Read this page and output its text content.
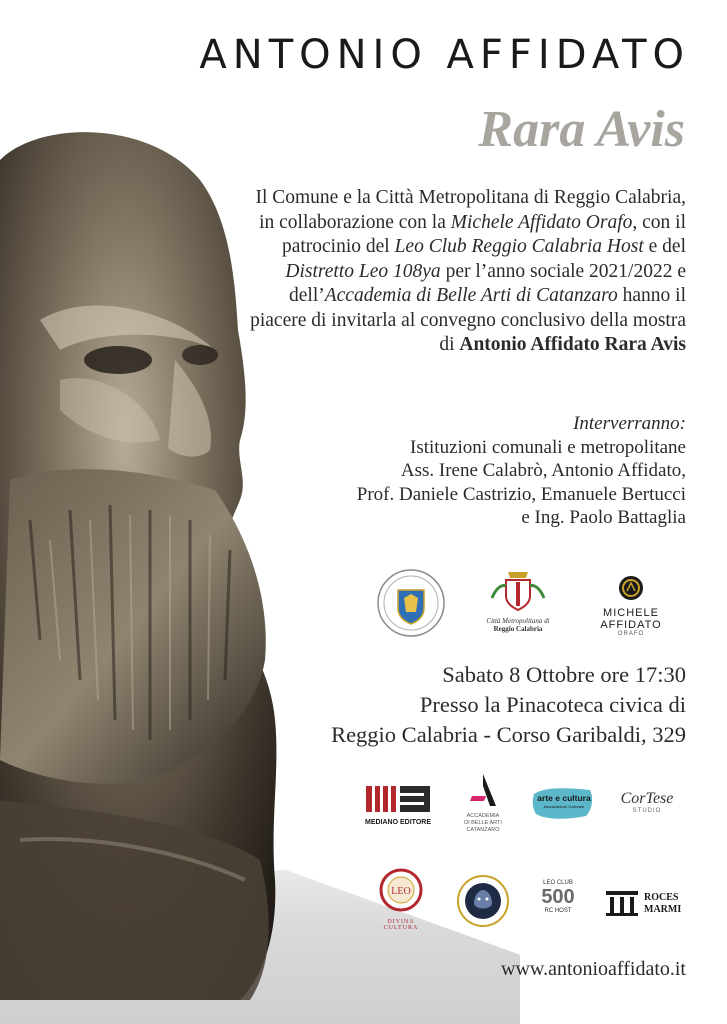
ANTONIO AFFIDATO
Rara Avis

Il Comune e la Città Metropolitana di Reggio Calabria, in collaborazione con la Michele Affidato Orafo, con il patrocinio del Leo Club Reggio Calabria Host e del Distretto Leo 108ya per l’anno sociale 2021/2022 e dell’Accademia di Belle Arti di Catanzaro hanno il piacere di invitarla al convegno conclusivo della mostra di Antonio Affidato Rara Avis

Interverranno:
Istituzioni comunali e metropolitane
Ass. Irene Calabrò, Antonio Affidato,
Prof. Daniele Castrizio, Emanuele Bertucci
e Ing. Paolo Battaglia

Città Metropolitana di
Reggio Calabria
MICHELE AFFIDATO
ORAFO

Sabato 8 Ottobre ore 17:30
Presso la Pinacoteca civica di
Reggio Calabria - Corso Garibaldi, 329

MEDIANO EDITORE
ACCADEMIA
DI BELLE ARTI
CATANZARO
arte e cultura
Associazione Culturale	CorTese
STUDIO
LEO
DIVINA
CULTURA
LEO CLUB
500
RC HOST
ROCES
MARMI

www.antonioaffidato.it
